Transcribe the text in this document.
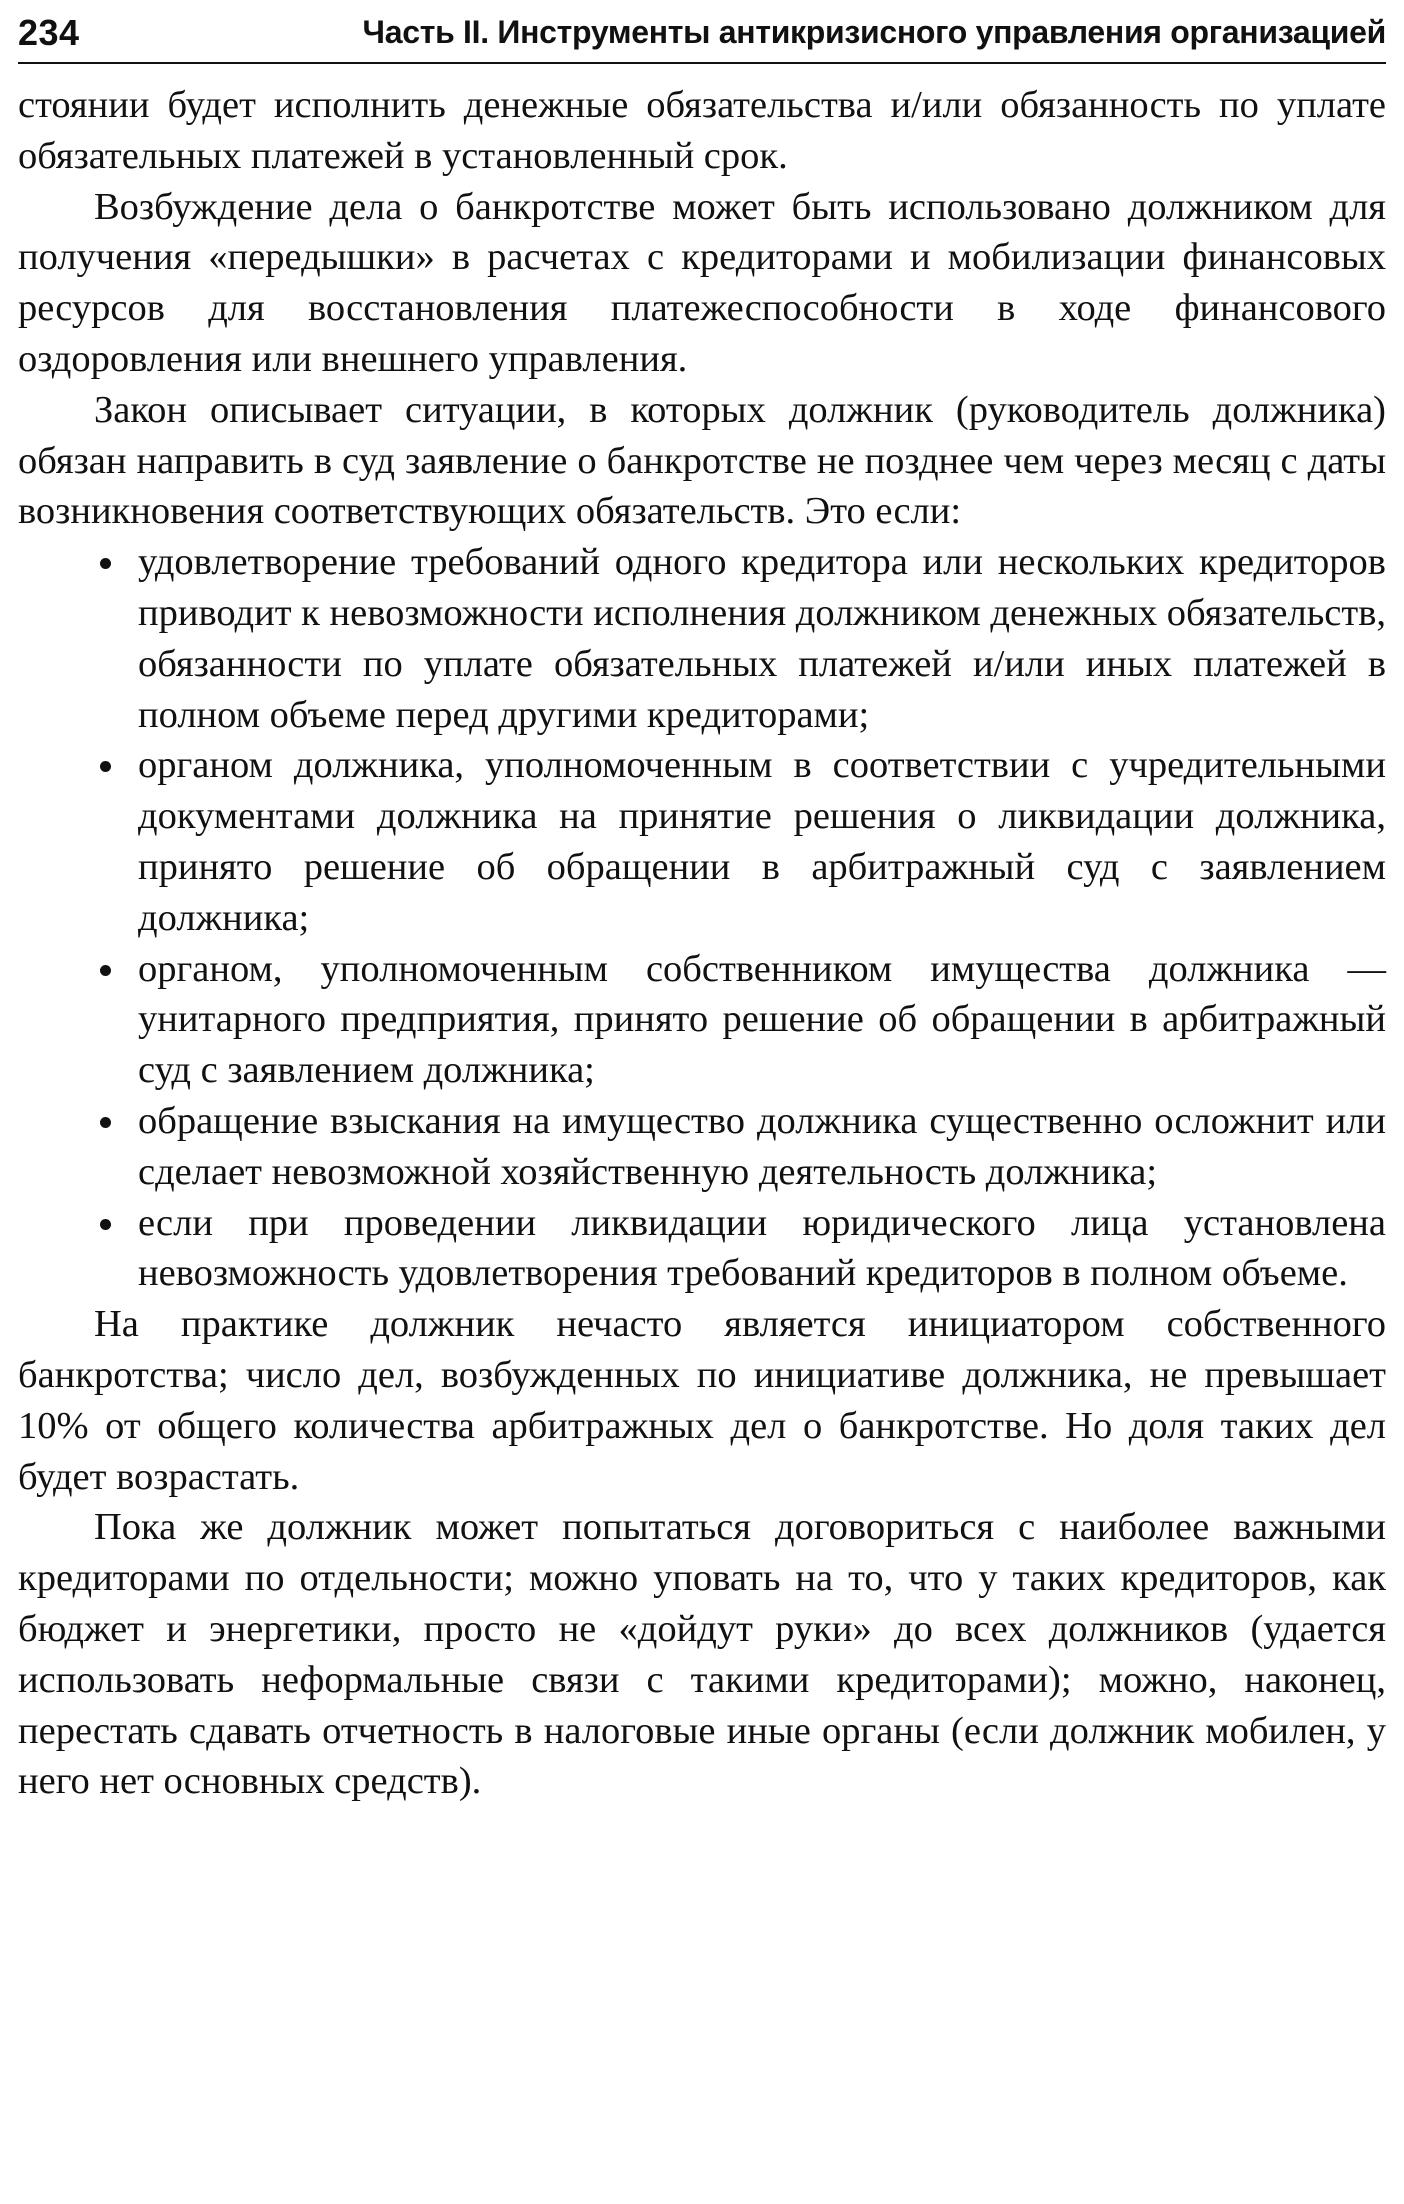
234	Часть II. Инструменты антикризисного управления организацией

стоянии будет исполнить денежные обязательства и/или обязанность по уплате обязательных платежей в установленный срок.

Возбуждение дела о банкротстве может быть использовано должником для получения «передышки» в расчетах с кредиторами и мобилизации финансовых ресурсов для восстановления платежеспособности в ходе финансового оздоровления или внешнего управления.

Закон описывает ситуации, в которых должник (руководитель должника) обязан направить в суд заявление о банкротстве не позднее чем через месяц с даты возникновения соответствующих обязательств. Это если:

удовлетворение требований одного кредитора или нескольких кредиторов приводит к невозможности исполнения должником денежных обязательств, обязанности по уплате обязательных платежей и/или иных платежей в полном объеме перед другими кредиторами;
органом должника, уполномоченным в соответствии с учредительными документами должника на принятие решения о ликвидации должника, принято решение об обращении в арбитражный суд с заявлением должника;
органом, уполномоченным собственником имущества должника — унитарного предприятия, принято решение об обращении в арбитражный суд с заявлением должника;
обращение взыскания на имущество должника существенно осложнит или сделает невозможной хозяйственную деятельность должника;
если при проведении ликвидации юридического лица установлена невозможность удовлетворения требований кредиторов в полном объеме.

На практике должник нечасто является инициатором собственного банкротства; число дел, возбужденных по инициативе должника, не превышает 10% от общего количества арбитражных дел о банкротстве. Но доля таких дел будет возрастать.

Пока же должник может попытаться договориться с наиболее важными кредиторами по отдельности; можно уповать на то, что у таких кредиторов, как бюджет и энергетики, просто не «дойдут руки» до всех должников (удается использовать неформальные связи с такими кредиторами); можно, наконец, перестать сдавать отчетность в налоговые иные органы (если должник мобилен, у него нет основных средств).
